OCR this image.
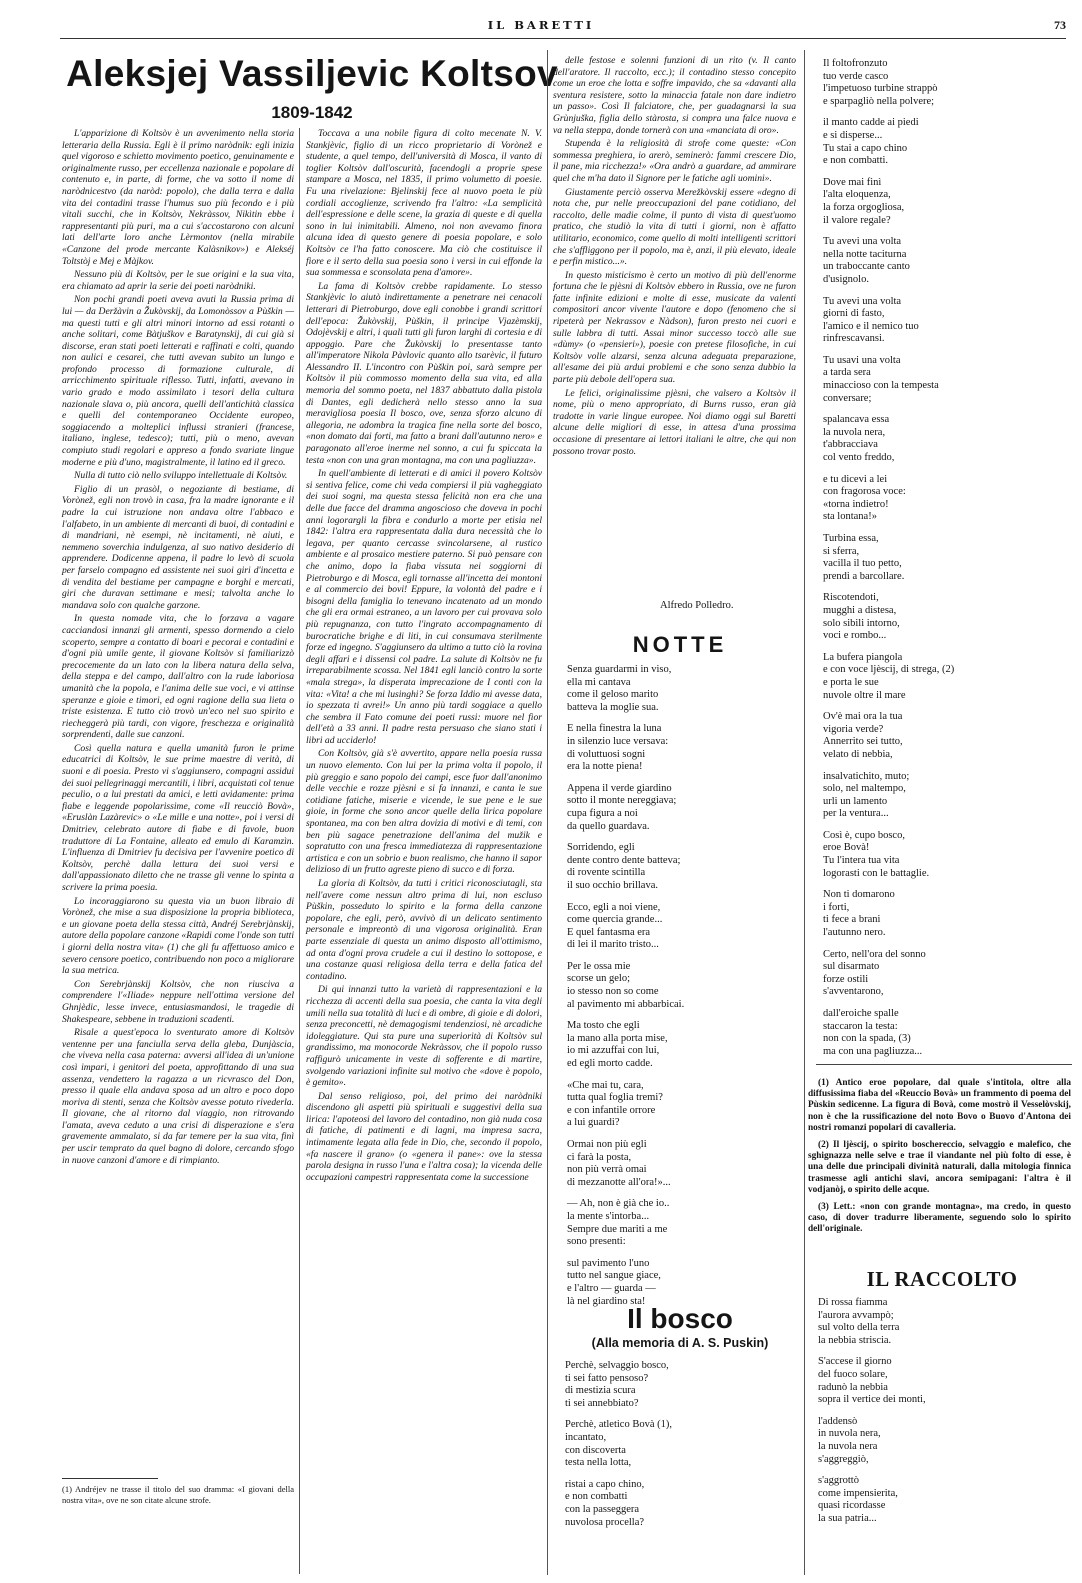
IL BARETTI	73
Aleksjej Vassiljevic Koltsov
1809-1842

L'apparizione di Koltsòv è un avvenimento nella storia letteraria della Russia. Egli è il primo naròdnik: egli inizia quel vigoroso e schietto movimento poetico, genuinamente e originalmente russo, per eccellenza nazionale e popolare di contenuto e, in parte, di forme, che va sotto il nome di naròdnicestvo (da naròd: popolo), che dalla terra e dalla vita dei contadini trasse l'humus suo più fecondo e i più vitali succhi, che in Koltsòv, Nekràssov, Nikìtin ebbe i rappresentanti più puri, ma a cui s'accostarono con alcuni lati dell'arte loro anche Lèrmontov (nella mirabile «Canzone del prode mercante Kalàsnikov») e Alekséj Toltstòj e Mej e Màjkov.

Nessuno più di Koltsòv, per le sue origini e la sua vita, era chiamato ad aprir la serie dei poeti naròdniki.

Non pochi grandi poeti aveva avuti la Russia prima di lui — da Deržàvin a Žukòvskij, da Lomonòssov a Pùškin — ma questi tutti e gli altri minori intorno ad essi rotanti o anche solitari, come Bàtjuškov e Baratynskij, di cui già si discorse, eran stati poeti letterati e raffinati e colti, quando non aulici e cesarei, che tutti avevan subito un lungo e profondo processo di formazione culturale, di arricchimento spirituale riflesso. Tutti, infatti, avevano in vario grado e modo assimilato i tesori della cultura nazionale slava o, più ancora, quelli dell'antichità classica e quelli del contemporaneo Occidente europeo, soggiacendo a molteplici influssi stranieri (francese, italiano, inglese, tedesco); tutti, più o meno, avevan compiuto studi regolari e appreso a fondo svariate lingue moderne e più d'uno, magistralmente, il latino ed il greco.

Nulla di tutto ciò nello sviluppo intellettuale di Koltsòv.

Figlio di un prasòl, o negoziante di bestiame, di Vorònež, egli non trovò in casa, fra la madre ignorante e il padre la cui istruzione non andava oltre l'abbaco e l'alfabeto, in un ambiente di mercanti di buoi, di contadini e di mandriani, nè esempi, nè incitamenti, nè aiuti, e nemmeno soverchia indulgenza, al suo nativo desiderio di apprendere. Dodicenne appena, il padre lo levò di scuola per farselo compagno ed assistente nei suoi giri d'incetta e di vendita del bestiame per campagne e borghi e mercati, giri che duravan settimane e mesi; talvolta anche lo mandava solo con qualche garzone.

In questa nomade vita, che lo forzava a vagare cacciandosi innanzi gli armenti, spesso dormendo a cielo scoperto, sempre a contatto di boari e pecorai e contadini e d'ogni più umile gente, il giovane Koltsòv si familiarizzò precocemente da un lato con la libera natura della selva, della steppa e del campo, dall'altro con la rude laboriosa umanità che la popola, e l'anima delle sue voci, e vi attinse speranze e gioie e timori, ed ogni ragione della sua lieta o triste esistenza. E tutto ciò trovò un'eco nel suo spirito e riecheggerà più tardi, con vigore, freschezza e originalità sorprendenti, dalle sue canzoni.

Così quella natura e quella umanità furon le prime educatrici di Koltsòv, le sue prime maestre di verità, di suoni e di poesia. Presto vi s'aggiunsero, compagni assidui dei suoi pellegrinaggi mercantili, i libri, acquistati col tenue peculio, o a lui prestati da amici, e letti avidamente: prima fiabe e leggende popolarissime, come «Il reucciò Bovà», «Eruslàn Lazàrevic» o «Le mille e una notte», poi i versi di Dmitriev, celebrato autore di fiabe e di favole, buon traduttore di La Fontaine, alleato ed emulo di Karamzìn. L'influenza di Dmitriev fu decisiva per l'avvenire poetico di Koltsòv, perchè dalla lettura dei suoi versi e dall'appassionato diletto che ne trasse gli venne lo spinta a scrivere la prima poesia.

Lo incoraggiarono su questa via un buon libraio di Vorònež, che mise a sua disposizione la propria biblioteca, e un giovane poeta della stessa città, Andréj Serebrjànskij, autore della popolare canzone «Rapidi come l'onde son tutti i giorni della nostra vita» (1) che gli fu affettuoso amico e severo censore poetico, contribuendo non poco a migliorare la sua metrica.

Con Serebrjànskij Koltsòv, che non riusciva a comprendere l'«Iliade» neppure nell'ottima versione del Ghnjèdic, lesse invece, entusiasmandosi, le tragedie di Shakespeare, sebbene in traduzioni scadenti.

Risale a quest'epoca lo sventurato amore di Koltsòv ventenne per una fanciulla serva della gleba, Dunjàscia, che viveva nella casa paterna: avversi all'idea di un'unione così impari, i genitori del poeta, approfittando di una sua assenza, vendettero la ragazza a un ricvrasco del Don, presso il quale ella andava sposa ad un altro e poco dopo moriva di stenti, senza che Koltsòv avesse potuto rivederla. Il giovane, che al ritorno dal viaggio, non ritrovando l'amata, aveva ceduto a una crisi di disperazione e s'era gravemente ammalato, si da far temere per la sua vita, finì per uscir temprato da quel bagno di dolore, cercando sfogo in nuove canzoni d'amore e di rimpianto.

(1) Andréjev ne trasse il titolo del suo dramma: «I giovani della nostra vita», ove ne son citate alcune strofe.

Toccava a una nobile figura di colto mecenate N. V. Stankjèvic, figlio di un ricco proprietario di Vorònež e studente, a quel tempo, dell'università di Mosca, il vanto di toglier Koltsòv dall'oscurità, facendogli a proprie spese stampare a Mosca, nel 1835, il primo volumetto di poesie. Fu una rivelazione: Bjelinskij fece al nuovo poeta le più cordiali accoglienze, scrivendo fra l'altro: «La semplicità dell'espressione e delle scene, la grazia di queste e di quella sono in lui inimitabili. Almeno, noi non avevamo finora alcuna idea di questo genere di poesia popolare, e solo Koltsòv ce l'ha fatto conoscere. Ma ciò che costituisce il fiore e il serto della sua poesia sono i versi in cui effonde la sua sommessa e sconsolata pena d'amore».

La fama di Koltsòv crebbe rapidamente. Lo stesso Stankjèvic lo aiutò indirettamente a penetrare nei cenacoli letterari di Pietroburgo, dove egli conobbe i grandi scrittori dell'epoca: Žukòvskij, Pùškin, il principe Vjazèmskij, Odojèvskij e altri, i quali tutti gli furon larghi di cortesia e di appoggio. Pare che Žukòvskij lo presentasse tanto all'imperatore Nikola Pàvlovic quanto allo tsarèvic, il futuro Alessandro II. L'incontro con Pùškin poi, sarà sempre per Koltsòv il più commosso momento della sua vita, ed alla memoria del sommo poeta, nel 1837 abbattuto dalla pistola di Dantes, egli dedicherà nello stesso anno la sua meravigliosa poesia Il bosco, ove, senza sforzo alcuno di allegoria, ne adombra la tragica fine nella sorte del bosco, «non domato dai forti, ma fatto a brani dall'autunno nero» e paragonato all'eroe inerme nel sonno, a cui fu spiccata la testa «non con una gran montagna, ma con una pagliuzza».

In quell'ambiente di letterati e di amici il povero Koltsòv si sentiva felice, come chi veda compiersi il più vagheggiato dei suoi sogni, ma questa stessa felicità non era che una delle due facce del dramma angoscioso che doveva in pochi anni logorargli la fibra e condurlo a morte per etisia nel 1842: l'altra era rappresentata dalla dura necessità che lo legava, per quanto cercasse svincolarsene, al rustico ambiente e al prosaico mestiere paterno. Si può pensare con che animo, dopo la fiaba vissuta nei soggiorni di Pietroburgo e di Mosca, egli tornasse all'incetta dei montoni e al commercio dei bovi! Eppure, la volontà del padre e i bisogni della famiglia lo tenevano incatenato ad un mondo che gli era ormai estraneo, a un lavoro per cui provava solo più repugnanza, con tutto l'ingrato accompagnamento di burocratiche brighe e di liti, in cui consumava sterilmente forze ed ingegno. S'aggiunsero da ultimo a tutto ciò la rovina degli affari e i dissensi col padre. La salute di Koltsòv ne fu irreparabilmente scossa. Nel 1841 egli lanciò contro la sorte «mala strega», la disperata imprecazione de I conti con la vita: «Vita! a che mi lusinghi? Se forza Iddio mi avesse data, io spezzata ti avrei!» Un anno più tardi soggiace a quello che sembra il Fato comune dei poeti russi: muore nel fior dell'età a 33 anni. Il padre resta persuaso che siano stati i libri ad ucciderlo!

Con Koltsòv, già s'è avvertito, appare nella poesia russa un nuovo elemento. Con lui per la prima volta il popolo, il più greggio e sano popolo dei campi, esce fuor dall'anonimo delle vecchie e rozze pjèsni e si fa innanzi, e canta le sue cotidiane fatiche, miserie e vicende, le sue pene e le sue gioie, in forme che sono ancor quelle della lirica popolare spontanea, ma con ben altra dovizia di motivi e di temi, con ben più sagace penetrazione dell'anima del mužik e sopratutto con una fresca immediatezza di rappresentazione artistica e con un sobrio e buon realismo, che hanno il sapor delizioso di un frutto agreste pieno di succo e di forza.

La gloria di Koltsòv, da tutti i critici riconosciutagli, sta nell'avere come nessun altro prima di lui, non escluso Pùškin, posseduto lo spirito e la forma della canzone popolare, che egli, però, avvivò di un delicato sentimento personale e impreontò di una vigorosa originalità. Eran parte essenziale di questa un animo disposto all'ottimismo, ad onta d'ogni prova crudele a cui il destino lo sottopose, e una costanze quasi religiosa della terra e della fatica del contadino.

Di qui innanzi tutto la varietà di rappresentazioni e la ricchezza di accenti della sua poesia, che canta la vita degli umili nella sua totalità di luci e di ombre, di gioie e di dolori, senza preconcetti, nè demagogismi tendenziosi, nè arcadiche idoleggiature. Qui sta pure una superiorità di Koltsòv sul grandissimo, ma monocorde Nekràssov, che il popolo russo raffigurò unicamente in veste di sofferente e di martire, svolgendo variazioni infinite sul motivo che «dove è popolo, è gemito».

Dal senso religioso, poi, del primo dei naròdniki discendono gli aspetti più spirituali e suggestivi della sua lirica: l'apoteosi del lavoro del contadino, non già nuda cosa di fatiche, di patimenti e di lagni, ma impresa sacra, intimamente legata alla fede in Dio, che, secondo il popolo, «fa nascere il grano» (o «genera il pane»: ove la stessa parola designa in russo l'una e l'altra cosa); la vicenda delle occupazioni campestri rappresentata come la successione

delle festose e solenni funzioni di un rito (v. Il canto dell'aratore. Il raccolto, ecc.); il contadino stesso concepito come un eroe che lotta e soffre impavido, che sa «davanti alla sventura resistere, sotto la minaccia fatale non dare indietro un passo». Così Il falciatore, che, per guadagnarsi la sua Grùnjuška, figlia dello stàrosta, si compra una falce nuova e va nella steppa, donde tornerà con una «manciata di oro».

Stupenda è la religiosità di strofe come queste: «Con sommessa preghiera, io arerò, seminerò: fammi crescere Dio, il pane, mia ricchezza!» «Ora andrò a guardare, ad ammirare quel che m'ha dato il Signore per le fatiche agli uomini».

Giustamente perciò osserva Merežkòvskij essere «degno di nota che, pur nelle preoccupazioni del pane cotidiano, del raccolto, delle madie colme, il punto di vista di quest'uomo pratico, che studiò la vita di tutti i giorni, non è affatto utilitario, economico, come quello di molti intelligenti scrittori che s'affliggono per il popolo, ma è, anzi, il più elevato, ideale e perfin mistico...».

In questo misticismo è certo un motivo di più dell'enorme fortuna che le pjèsni di Koltsòv ebbero in Russia, ove ne furon fatte infinite edizioni e molte di esse, musicate da valenti compositori ancor vivente l'autore e dopo (fenomeno che si ripeterà per Nekrassov e Nàdson), furon presto nei cuori e sulle labbra di tutti. Assai minor successo toccò alle sue «dùmy» (o «pensieri»), poesie con pretese filosofiche, in cui Koltsòv volle alzarsi, senza alcuna adeguata preparazione, all'esame dei più ardui problemi e che sono senza dubbio la parte più debole dell'opera sua.

Le felici, originalissime pjèsni, che valsero a Koltsòv il nome, più o meno appropriato, di Burns russo, eran già tradotte in varie lingue europee. Noi diamo oggi sul Baretti alcune delle migliori di esse, in attesa d'una prossima occasione di presentare ai lettori italiani le altre, che qui non possono trovar posto.

Alfredo Polledro.
NOTTE
Senza guardarmi in viso,
ella mi cantava
come il geloso marito
batteva la moglie sua.
E nella finestra la luna
in silenzio luce versava:
di voluttuosi sogni
era la notte piena!
Appena il verde giardino
sotto il monte nereggiava;
cupa figura a noi
da quello guardava.
Sorridendo, egli
dente contro dente batteva;
di rovente scintilla
il suo occhio brillava.
Ecco, egli a noi viene,
come quercia grande...
E quel fantasma era
di lei il marito tristo...
Per le ossa mie
scorse un gelo;
io stesso non so come
al pavimento mi abbarbicai.
Ma tosto che egli
la mano alla porta mise,
io mi azzuffai con lui,
ed egli morto cadde.
«Che mai tu, cara,
tutta qual foglia tremi?
e con infantile orrore
a lui guardi?
Ormai non più egli
ci farà la posta,
non più verrà omai
di mezzanotte all'ora!»...
— Ah, non è già che io..
la mente s'intorba...
Sempre due mariti a me
sono presenti:
sul pavimento l'uno
tutto nel sangue giace,
e l'altro — guarda —
là nel giardino sta!
Il bosco
(Alla memoria di A. S. Puskin)
Perchè, selvaggio bosco,
ti sei fatto pensoso?
di mestizia scura
ti sei annebbiato?
Perchè, atletico Bovà (1),
incantato,
con discoverta
testa nella lotta,
ristai a capo chino,
e non combatti
con la passeggera
nuvolosa procella?
Il foltofronzuto
tuo verde casco
l'impetuoso turbine strappò
e sparpagliò nella polvere;
il manto cadde ai piedi
e si disperse...
Tu stai a capo chino
e non combatti.
Dove mai finì
l'alta eloquenza,
la forza orgogliosa,
il valore regale?
Tu avevi una volta
nella notte taciturna
un traboccante canto
d'usignolo.
Tu avevi una volta
giorni di fasto,
l'amico e il nemico tuo
rinfrescavansi.
Tu usavi una volta
a tarda sera
minaccioso con la tempesta
conversare;
spalancava essa
la nuvola nera,
t'abbracciava
col vento freddo,
e tu dicevi a lei
con fragorosa voce:
«torna indietro!
sta lontana!»
Turbina essa,
si sferra,
vacilla il tuo petto,
prendi a barcollare.
Riscotendoti,
mugghi a distesa,
solo sibili intorno,
voci e rombo...
La bufera piangola
e con voce ljèscij, di strega, (2)
e porta le sue
nuvole oltre il mare
Ov'è mai ora la tua
vigoria verde?
Annerrito sei tutto,
velato di nebbia,
insalvatichito, muto;
solo, nel maltempo,
urli un lamento
per la ventura...
Così è, cupo bosco,
eroe Bovà!
Tu l'intera tua vita
logorasti con le battaglie.
Non ti domarono
i forti,
ti fece a brani
l'autunno nero.
Certo, nell'ora del sonno
sul disarmato
forze ostili
s'avventarono,
dall'eroiche spalle
staccaron la testa:
non con la spada, (3)
ma con una pagliuzza...

(1) Antico eroe popolare, dal quale s'intitola, oltre alla diffusissima fiaba del «Reuccio Bovà» un frammento di poema del Pùskin sedicenne. La figura di Bovà, come mostrò il Vesselòvskij, non è che la russificazione del noto Bovo o Buovo d'Antona dei nostri romanzi popolari di cavalleria.

(2) Il ljèscij, o spirito boschereccio, selvaggio e malefico, che sghignazza nelle selve e trae il viandante nel più folto di esse, è una delle due principali divinità naturali, dalla mitologia finnica trasmesse agli antichi slavi, ancora semipagani: l'altra è il vodjanòj, o spirito delle acque.

(3) Lett.: «non con grande montagna», ma credo, in questo caso, di dover tradurre liberamente, seguendo solo lo spirito dell'originale.

IL RACCOLTO
Di rossa fiamma
l'aurora avvampò;
sul volto della terra
la nebbia striscia.
S'accese il giorno
del fuoco solare,
radunò la nebbia
sopra il vertice dei monti,
l'addensò
in nuvola nera,
la nuvola nera
s'aggreggiò,
s'aggrottò
come impensierita,
quasi ricordasse
la sua patria...
